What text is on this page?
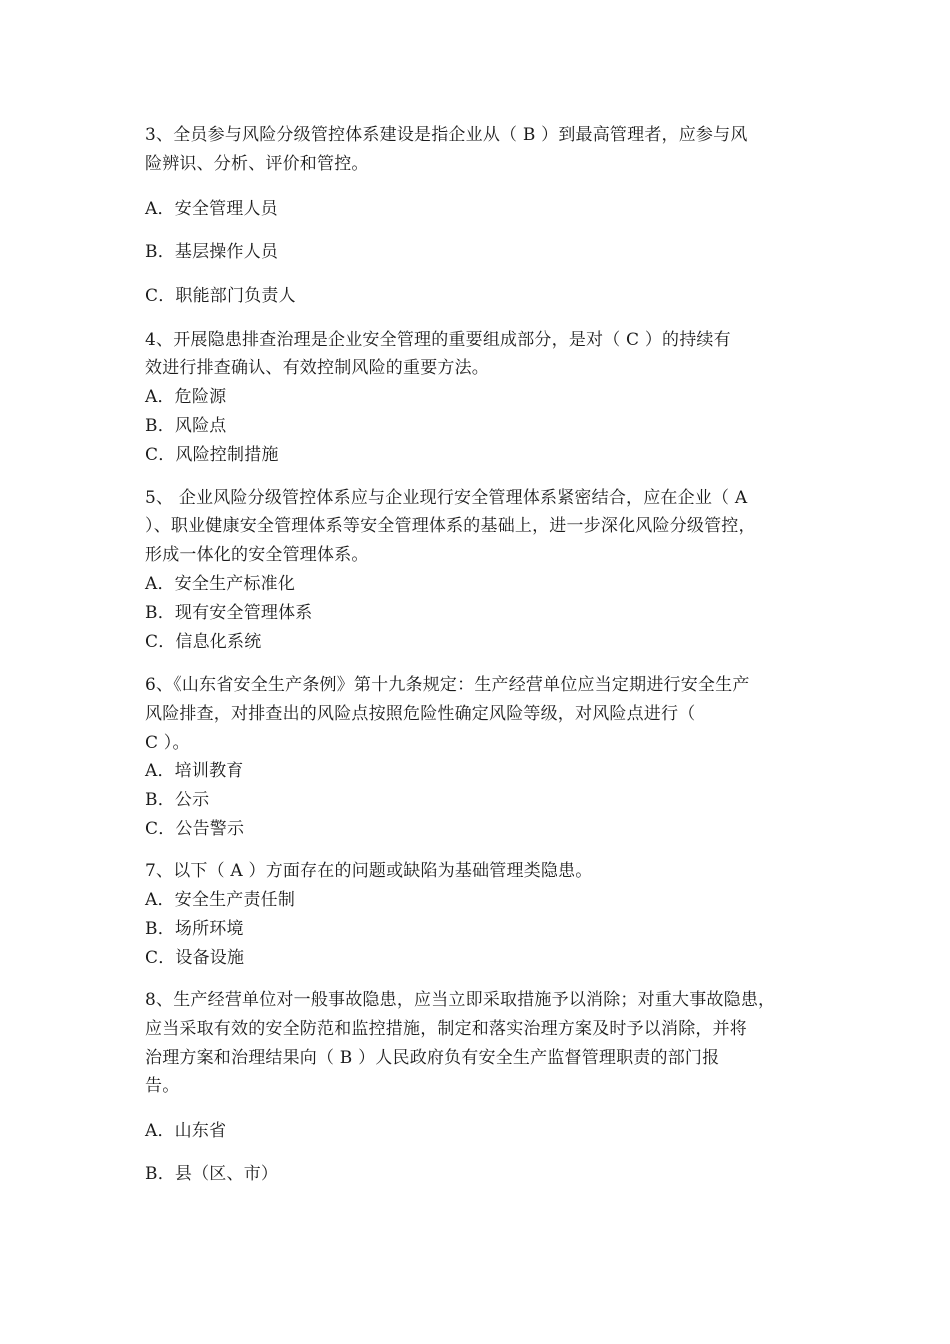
3、全员参与风险分级管控体系建设是指企业从（ B ）到最高管理者，应参与风
险辨识、分析、评价和管控。
A．安全管理人员
B．基层操作人员
C．职能部门负责人
4、开展隐患排查治理是企业安全管理的重要组成部分，是对（ C ）的持续有
效进行排查确认、有效控制风险的重要方法。
A．危险源
B．风险点
C．风险控制措施
5、 企业风险分级管控体系应与企业现行安全管理体系紧密结合，应在企业（ A
）、职业健康安全管理体系等安全管理体系的基础上，进一步深化风险分级管控，
形成一体化的安全管理体系。
A．安全生产标准化
B．现有安全管理体系
C．信息化系统
6、《山东省安全生产条例》第十九条规定：生产经营单位应当定期进行安全生产
风险排查，对排查出的风险点按照危险性确定风险等级，对风险点进行（
C ）。
A．培训教育
B．公示
C．公告警示
7、以下（ A ）方面存在的问题或缺陷为基础管理类隐患。
A．安全生产责任制
B．场所环境
C．设备设施
8、生产经营单位对一般事故隐患，应当立即采取措施予以消除；对重大事故隐患，
应当采取有效的安全防范和监控措施，制定和落实治理方案及时予以消除，并将
治理方案和治理结果向（ B ）人民政府负有安全生产监督管理职责的部门报
告。
A．山东省
B．县（区、市）
